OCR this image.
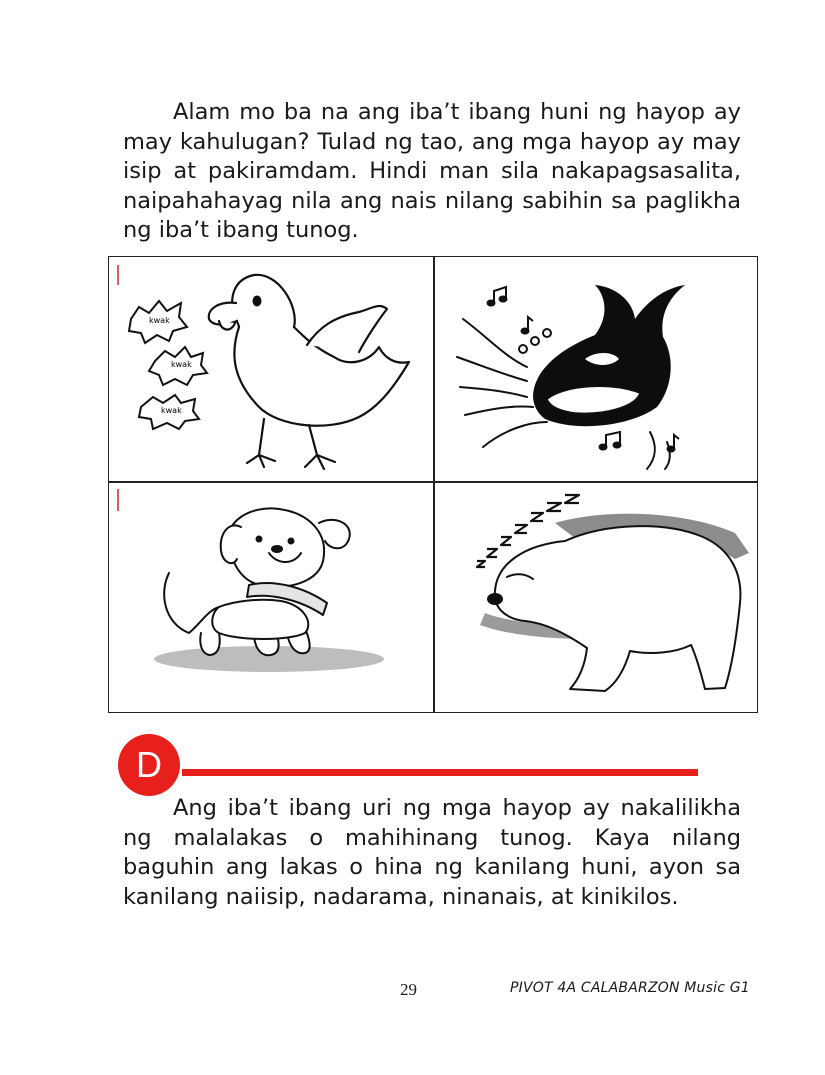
Alam mo ba na ang iba’t ibang huni ng hayop ay may kahulugan? Tulad ng tao, ang mga hayop ay may isip at pakiramdam. Hindi man sila nakapagsasalita, naipahahayag nila ang nais nilang sabihin sa paglikha ng iba’t ibang tunog.

kwak
kwak
kwak
D

Ang iba’t ibang uri ng mga hayop ay nakalilikha ng malalakas o mahihinang tunog. Kaya nilang baguhin ang lakas o hina ng kanilang huni, ayon sa kanilang naiisip, nadarama, ninanais, at kinikilos.

29	PIVOT 4A CALABARZON Music G1
